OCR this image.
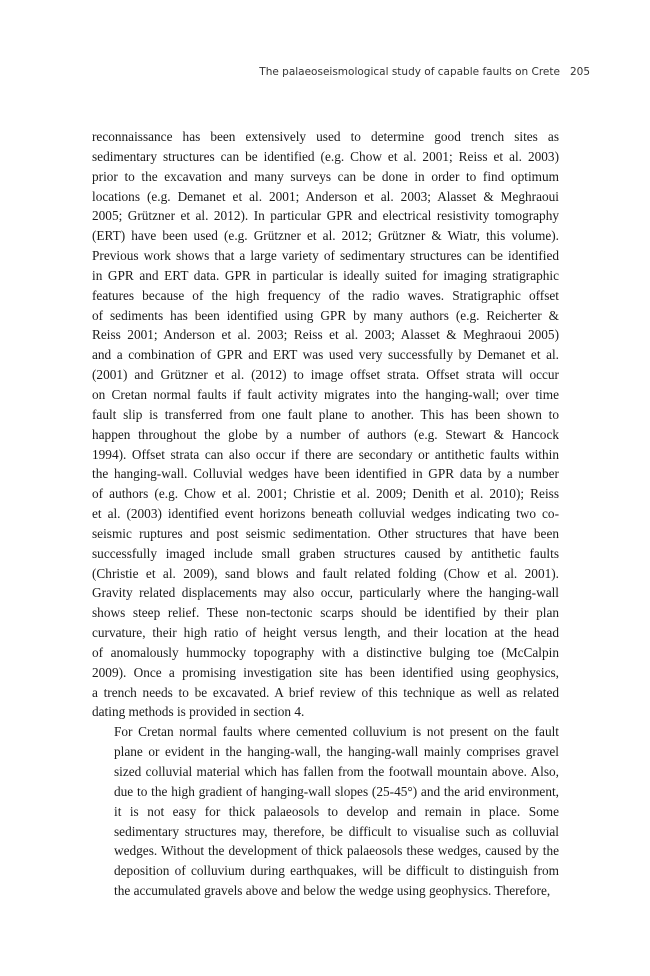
The palaeoseismological study of capable faults on Crete 205

reconnaissance has been extensively used to determine good trench sites as
sedimentary structures can be identified (e.g. Chow et al. 2001; Reiss et al. 2003)
prior to the excavation and many surveys can be done in order to find optimum
locations (e.g. Demanet et al. 2001; Anderson et al. 2003; Alasset & Meghraoui
2005; Grützner et al. 2012). In particular GPR and electrical resistivity tomography
(ERT) have been used (e.g. Grützner et al. 2012; Grützner & Wiatr, this volume).
Previous work shows that a large variety of sedimentary structures can be identified
in GPR and ERT data. GPR in particular is ideally suited for imaging stratigraphic
features because of the high frequency of the radio waves. Stratigraphic offset
of sediments has been identified using GPR by many authors (e.g. Reicherter &
Reiss 2001; Anderson et al. 2003; Reiss et al. 2003; Alasset & Meghraoui 2005)
and a combination of GPR and ERT was used very successfully by Demanet et al.
(2001) and Grützner et al. (2012) to image offset strata. Offset strata will occur
on Cretan normal faults if fault activity migrates into the hanging-wall; over time
fault slip is transferred from one fault plane to another. This has been shown to
happen throughout the globe by a number of authors (e.g. Stewart & Hancock
1994). Offset strata can also occur if there are secondary or antithetic faults within
the hanging-wall. Colluvial wedges have been identified in GPR data by a number
of authors (e.g. Chow et al. 2001; Christie et al. 2009; Denith et al. 2010); Reiss
et al. (2003) identified event horizons beneath colluvial wedges indicating two co-
seismic ruptures and post seismic sedimentation. Other structures that have been
successfully imaged include small graben structures caused by antithetic faults
(Christie et al. 2009), sand blows and fault related folding (Chow et al. 2001).
Gravity related displacements may also occur, particularly where the hanging-wall
shows steep relief. These non-tectonic scarps should be identified by their plan
curvature, their high ratio of height versus length, and their location at the head
of anomalously hummocky topography with a distinctive bulging toe (McCalpin
2009). Once a promising investigation site has been identified using geophysics,
a trench needs to be excavated. A brief review of this technique as well as related
dating methods is provided in section 4.

For Cretan normal faults where cemented colluvium is not present on the fault
plane or evident in the hanging-wall, the hanging-wall mainly comprises gravel
sized colluvial material which has fallen from the footwall mountain above. Also,
due to the high gradient of hanging-wall slopes (25-45°) and the arid environment,
it is not easy for thick palaeosols to develop and remain in place. Some
sedimentary structures may, therefore, be difficult to visualise such as colluvial
wedges. Without the development of thick palaeosols these wedges, caused by the
deposition of colluvium during earthquakes, will be difficult to distinguish from
the accumulated gravels above and below the wedge using geophysics. Therefore,
